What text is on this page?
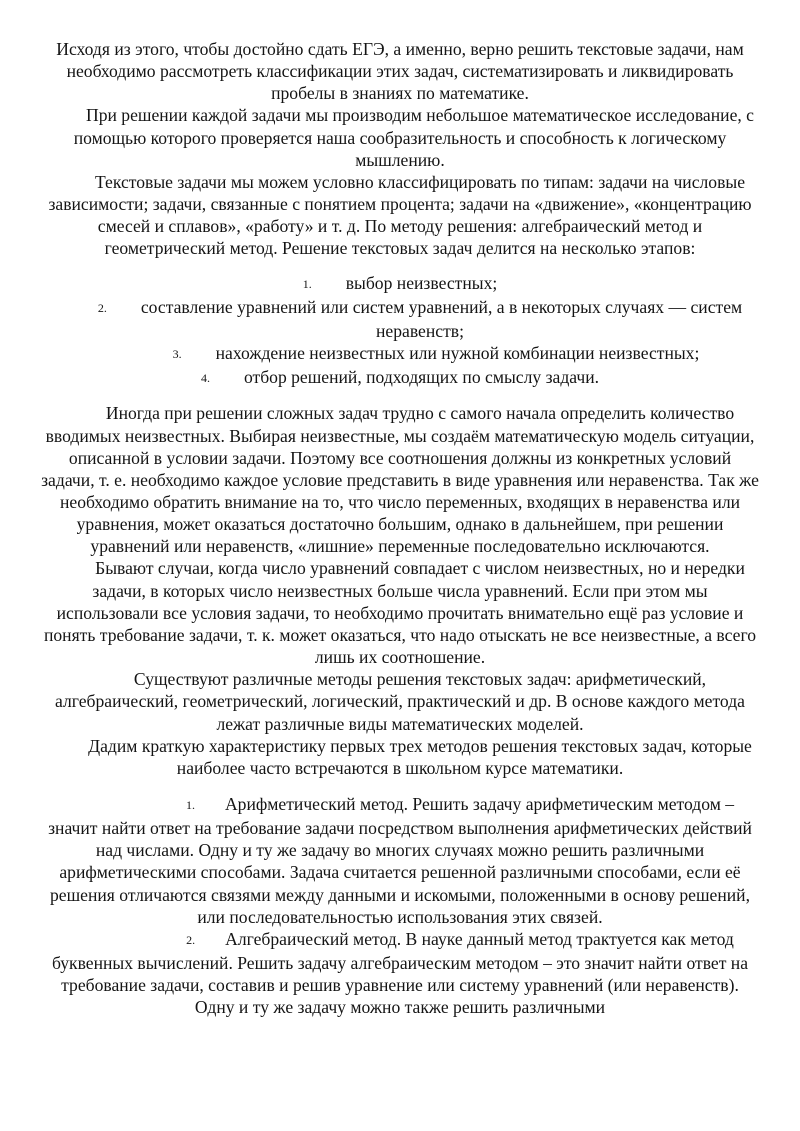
Исходя из этого, чтобы достойно сдать ЕГЭ, а именно, верно решить текстовые задачи, нам необходимо рассмотреть классификации этих задач, систематизировать и ликвидировать пробелы в знаниях по математике.

При решении каждой задачи мы производим небольшое математическое исследование, с помощью которого проверяется наша сообразительность и способность к логическому мышлению.

Текстовые задачи мы можем условно классифицировать по типам: задачи на числовые зависимости; задачи, связанные с понятием процента; задачи на «движение», «концентрацию смесей и сплавов», «работу» и т. д. По методу решения: алгебраический метод и геометрический метод. Решение текстовых задач делится на несколько этапов:

1. выбор неизвестных;

2. составление уравнений или систем уравнений, а в некоторых случаях — систем неравенств;

3. нахождение неизвестных или нужной комбинации неизвестных;

4. отбор решений, подходящих по смыслу задачи.

Иногда при решении сложных задач трудно с самого начала определить количество вводимых неизвестных. Выбирая неизвестные, мы создаём математическую модель ситуации, описанной в условии задачи. Поэтому все соотношения должны из конкретных условий задачи, т. е. необходимо каждое условие представить в виде уравнения или неравенства. Так же необходимо обратить внимание на то, что число переменных, входящих в неравенства или уравнения, может оказаться достаточно большим, однако в дальнейшем, при решении уравнений или неравенств, «лишние» переменные последовательно исключаются.

Бывают случаи, когда число уравнений совпадает с числом неизвестных, но и нередки задачи, в которых число неизвестных больше числа уравнений. Если при этом мы использовали все условия задачи, то необходимо прочитать внимательно ещё раз условие и понять требование задачи, т. к. может оказаться, что надо отыскать не все неизвестные, а всего лишь их соотношение.

Существуют различные методы решения текстовых задач: арифметический, алгебраический, геометрический, логический, практический и др. В основе каждого метода лежат различные виды математических моделей.

Дадим краткую характеристику первых трех методов решения текстовых задач, которые наиболее часто встречаются в школьном курсе математики.

1. Арифметический метод. Решить задачу арифметическим методом – значит найти ответ на требование задачи посредством выполнения арифметических действий над числами. Одну и ту же задачу во многих случаях можно решить различными арифметическими способами. Задача считается решенной различными способами, если её решения отличаются связями между данными и искомыми, положенными в основу решений, или последовательностью использования этих связей.

2. Алгебраический метод. В науке данный метод трактуется как метод буквенных вычислений. Решить задачу алгебраическим методом – это значит найти ответ на требование задачи, составив и решив уравнение или систему уравнений (или неравенств). Одну и ту же задачу можно также решить различными
